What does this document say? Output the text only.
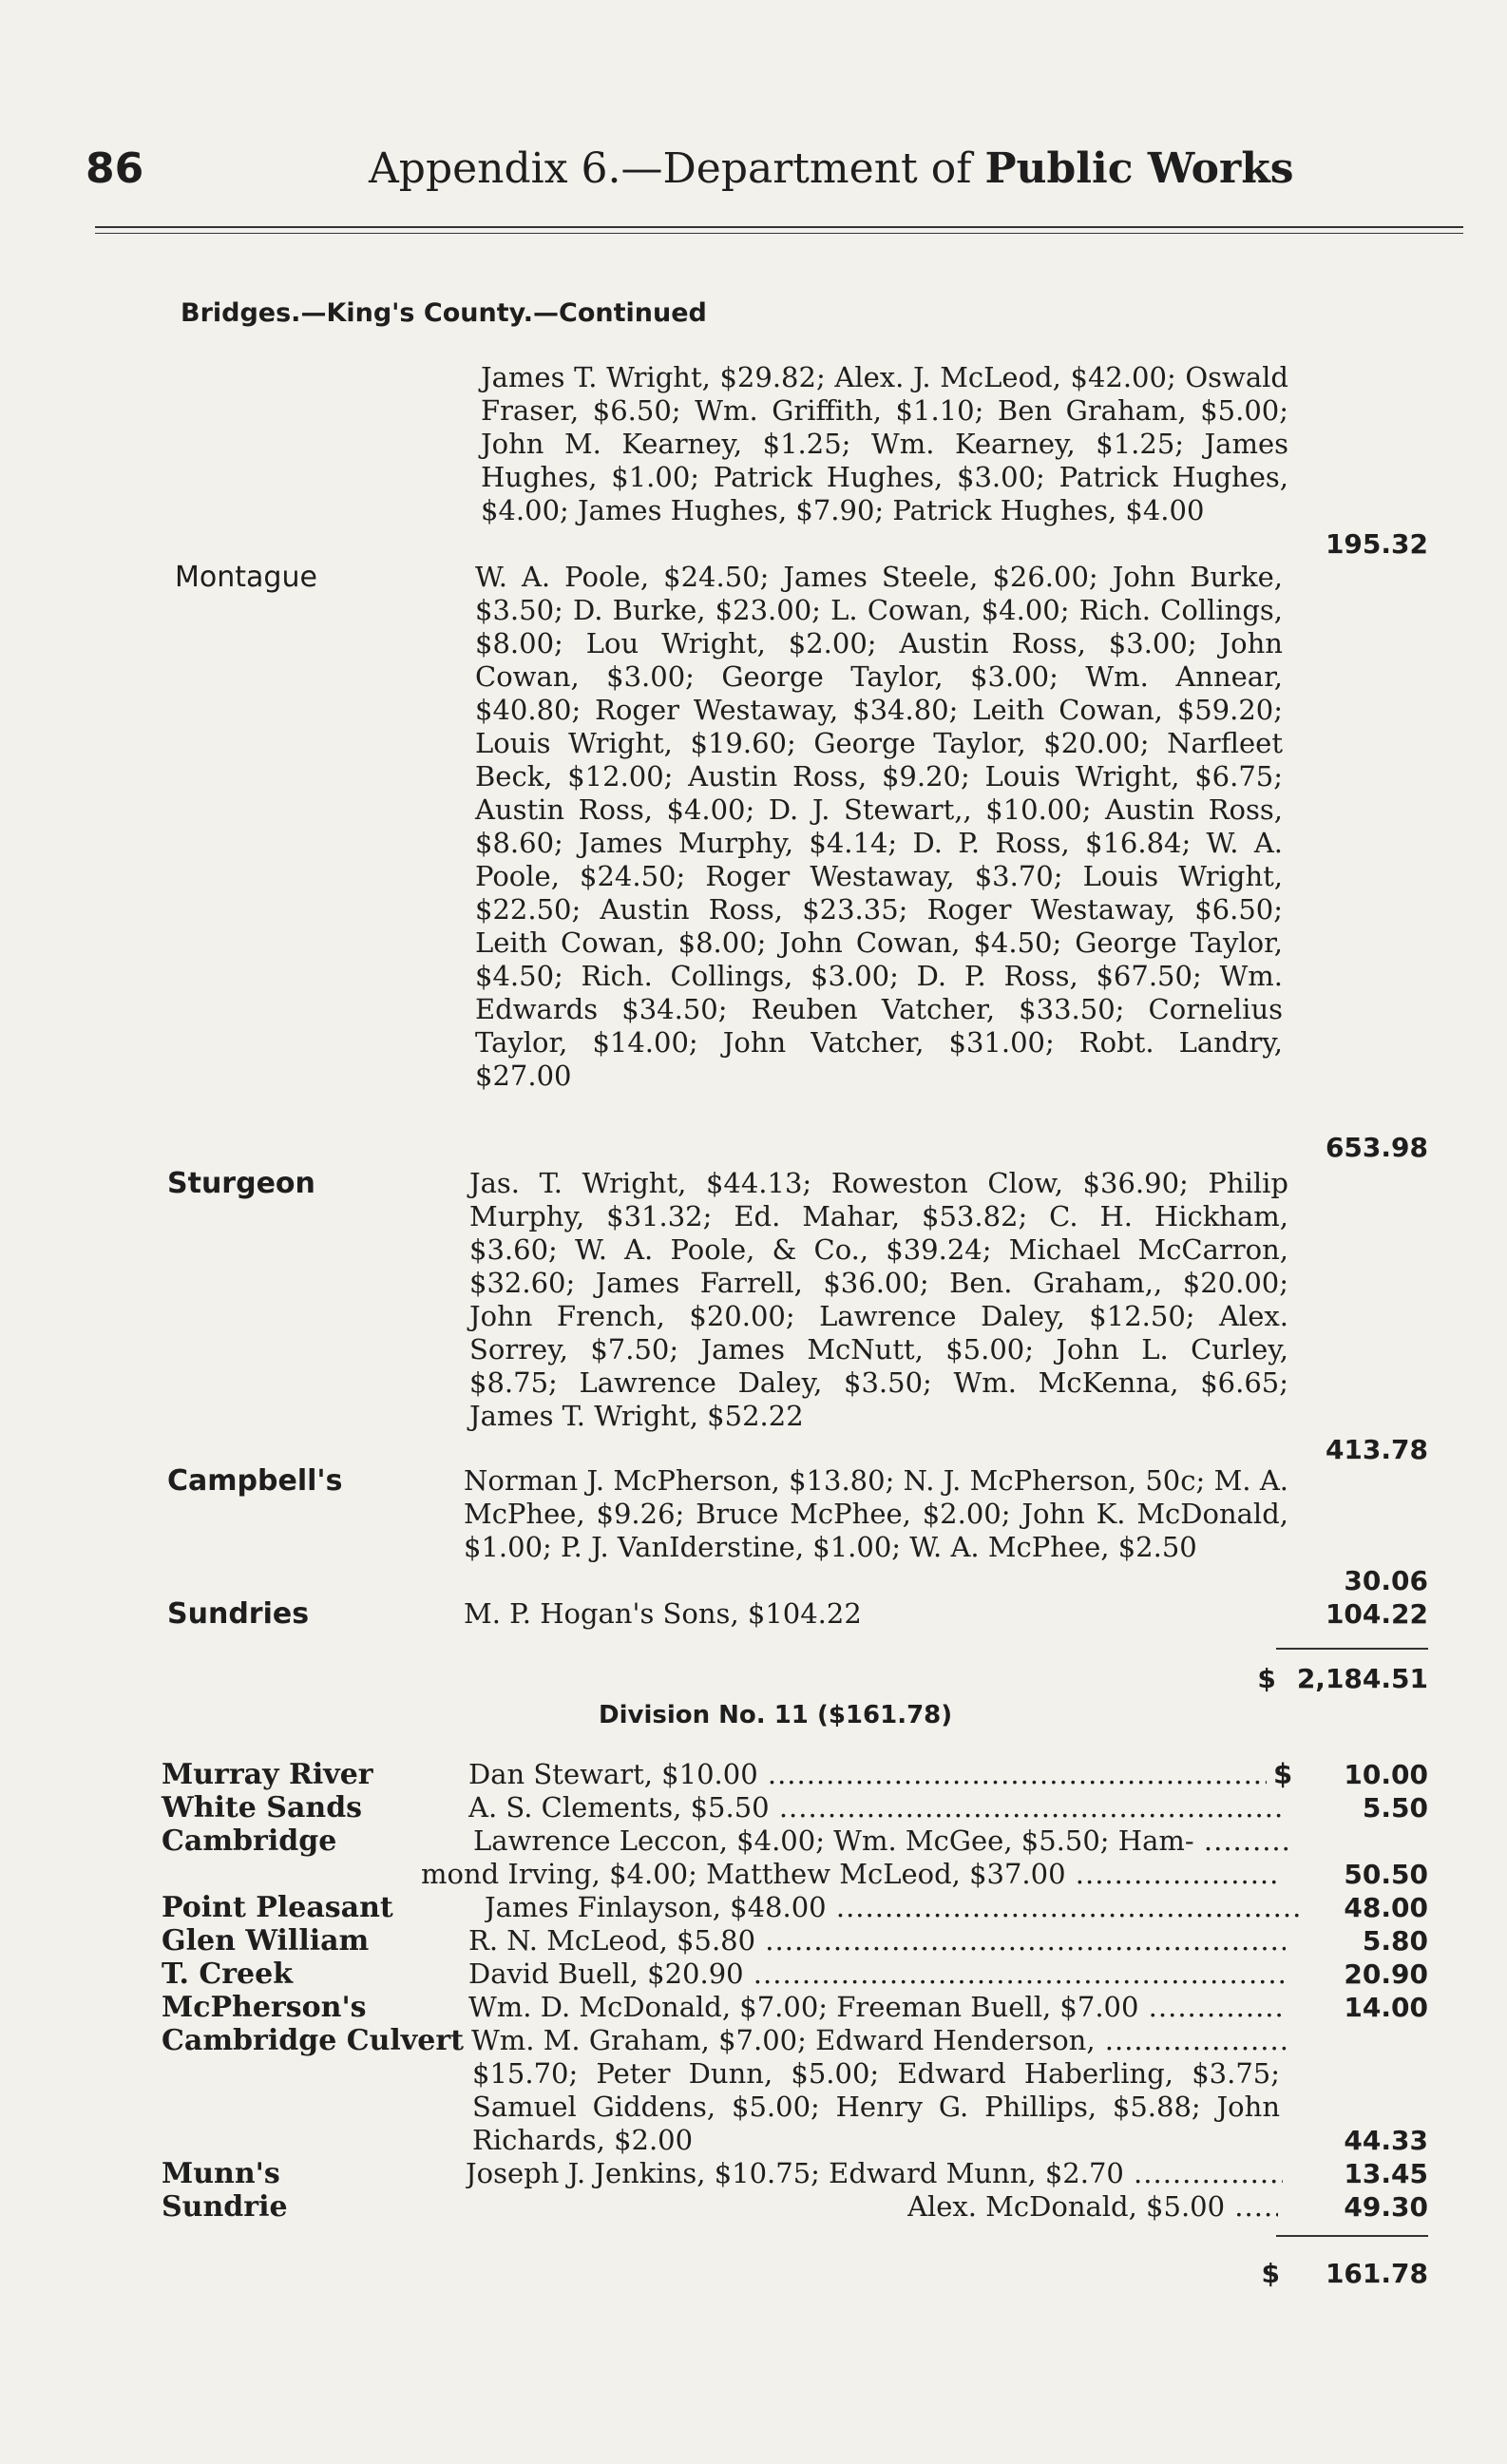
86	Appendix 6.—Department of Public Works
Bridges.—King's County.—Continued

James T. Wright, $29.82; Alex. J. McLeod, $42.00; Oswald Fraser, $6.50; Wm. Griffith, $1.10; Ben Graham, $5.00; John M. Kearney, $1.25; Wm. Kearney, $1.25; James Hughes, $1.00; Patrick Hughes, $3.00; Patrick Hughes, $4.00; James Hughes, $7.90; Patrick Hughes, $4.00

195.32
Montague	W. A. Poole, $24.50; James Steele, $26.00; John Burke, $3.50; D. Burke, $23.00; L. Cowan, $4.00; Rich. Collings, $8.00; Lou Wright, $2.00; Austin Ross, $3.00; John Cowan, $3.00; George Taylor, $3.00; Wm. Annear, $40.80; Roger Westaway, $34.80; Leith Cowan, $59.20; Louis Wright, $19.60; George Taylor, $20.00; Narfleet Beck, $12.00; Austin Ross, $9.20; Louis Wright, $6.75; Austin Ross, $4.00; D. J. Stewart,, $10.00; Austin Ross, $8.60; James Murphy, $4.14; D. P. Ross, $16.84; W. A. Poole, $24.50; Roger Westaway, $3.70; Louis Wright, $22.50; Austin Ross, $23.35; Roger Westaway, $6.50; Leith Cowan, $8.00; John Cowan, $4.50; George Taylor, $4.50; Rich. Collings, $3.00; D. P. Ross, $67.50; Wm. Edwards $34.50; Reuben Vatcher, $33.50; Cornelius Taylor, $14.00; John Vatcher, $31.00; Robt. Landry, $27.00

653.98
Sturgeon	Jas. T. Wright, $44.13; Roweston Clow, $36.90; Philip Murphy, $31.32; Ed. Mahar, $53.82; C. H. Hickham, $3.60; W. A. Poole, & Co., $39.24; Michael McCarron, $32.60; James Farrell, $36.00; Ben. Graham,, $20.00; John French, $20.00; Lawrence Daley, $12.50; Alex. Sorrey, $7.50; James McNutt, $5.00; John L. Curley, $8.75; Lawrence Daley, $3.50; Wm. McKenna, $6.65; James T. Wright, $52.22

413.78
Campbell's	Norman J. McPherson, $13.80; N. J. McPherson, 50c; M. A. McPhee, $9.26; Bruce McPhee, $2.00; John K. McDonald, $1.00; P. J. VanIderstine, $1.00; W. A. McPhee, $2.50

30.06
Sundries	M. P. Hogan's Sons, $104.22	104.22
$ 2,184.51
Division No. 11 ($161.78)
Murray River	Dan Stewart, $10.00 .....	$ 10.00
White Sands	A. S. Clements, $5.50 .....	5.50
Cambridge	Lawrence Leccon, $4.00; Wm. McGee, $5.50; Ham- .....
mond Irving, $4.00; Matthew McLeod, $37.00 .....	50.50
Point Pleasant	James Finlayson, $48.00 .....	48.00
Glen William	R. N. McLeod, $5.80 .....	5.80
T. Creek	David Buell, $20.90 .....	20.90
McPherson's	Wm. D. McDonald, $7.00; Freeman Buell, $7.00 .....	14.00
Cambridge Culvert Wm. M. Graham, $7.00; Edward Henderson, .....

$15.70; Peter Dunn, $5.00; Edward Haberling, $3.75; Samuel Giddens, $5.00; Henry G. Phillips, $5.88; John Richards, $2.00	44.33
Munn's	Joseph J. Jenkins, $10.75; Edward Munn, $2.70 .....	13.45
Sundrie	Alex. McDonald, $5.00 .....	49.30
$ 161.78
